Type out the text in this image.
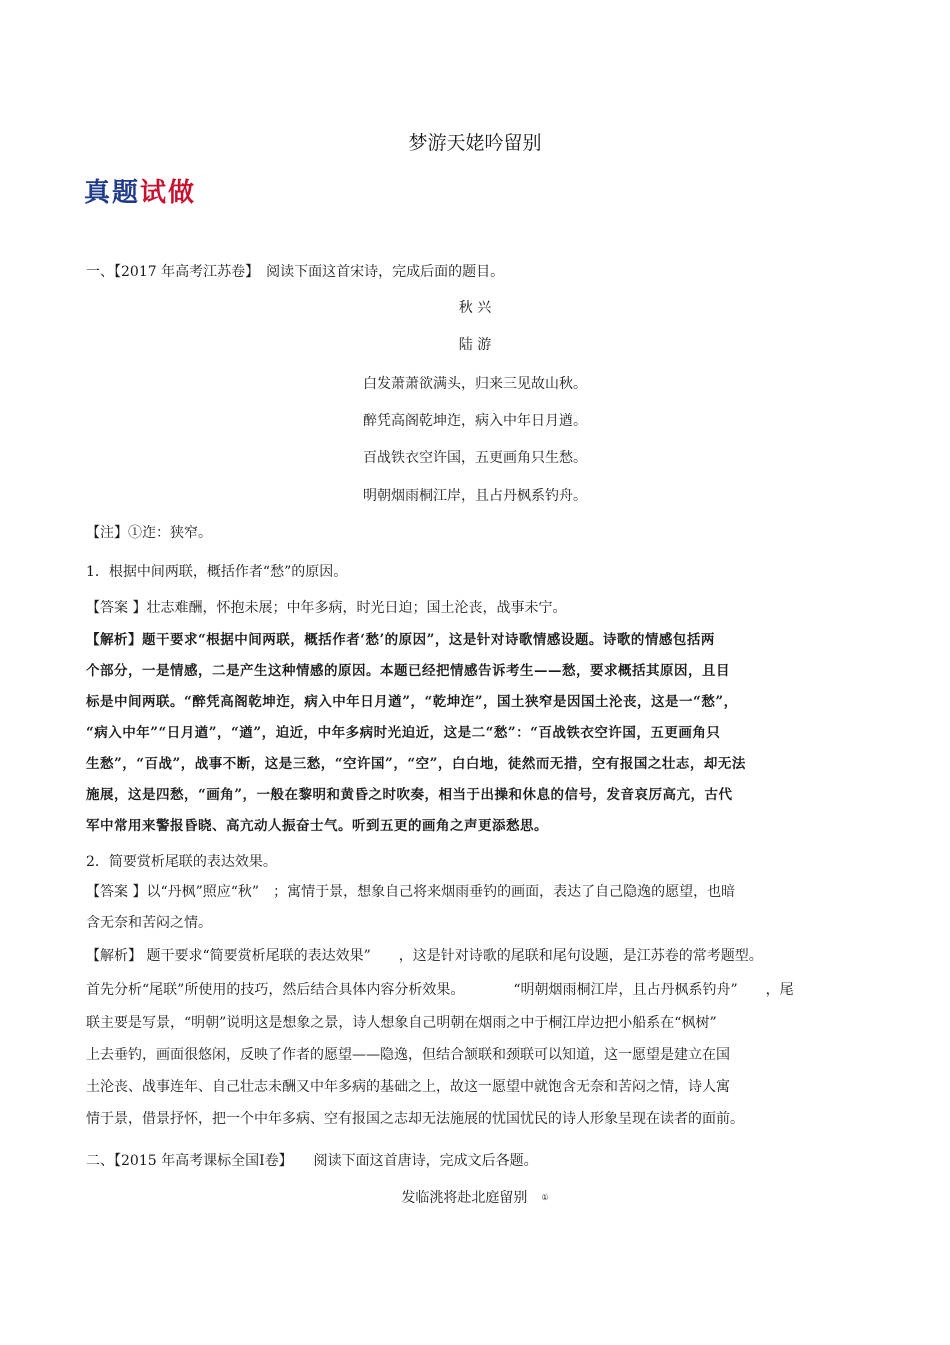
梦游天姥吟留别
真题试做
一、【2017 年高考江苏卷】　阅读下面这首宋诗，完成后面的题目。
秋 兴
陆 游
白发萧萧欲满头，归来三见故山秋。
醉凭高阁乾坤迮，病入中年日月遒。
百战铁衣空许国，五更画角只生愁。
明朝烟雨桐江岸，且占丹枫系钓舟。
【注】①迮：狭窄。
1．根据中间两联，概括作者“愁”的原因。
【答案 】壮志难酬，怀抱未展；中年多病，时光日迫；国土沦丧，战事未宁。
【解析】题干要求“根据中间两联，概括作者‘愁’的原因”，这是针对诗歌情感设题。诗歌的情感包括两
个部分，一是情感，二是产生这种情感的原因。本题已经把情感告诉考生——愁，要求概括其原因，且目
标是中间两联。“醉凭高阁乾坤迮，病入中年日月遒”，“乾坤迮”，国土狭窄是因国土沦丧，这是一“愁”，
“病入中年”“日月遒”，“遒”，迫近，中年多病时光迫近，这是二“愁”：“百战铁衣空许国，五更画角只
生愁”，“百战”，战事不断，这是三愁，“空许国”，“空”，白白地，徒然而无措，空有报国之壮志，却无法
施展，这是四愁，“画角”，一般在黎明和黄昏之时吹奏，相当于出操和休息的信号，发音哀厉高亢，古代
军中常用来警报昏晓、高亢动人振奋士气。听到五更的画角之声更添愁思。
2．简要赏析尾联的表达效果。
【答案 】以“丹枫”照应“秋”　；寓情于景，想象自己将来烟雨垂钓的画面，表达了自己隐逸的愿望，也暗
含无奈和苦闷之情。
【解析】 题干要求“简要赏析尾联的表达效果”　　，这是针对诗歌的尾联和尾句设题，是江苏卷的常考题型。
首先分析“尾联”所使用的技巧，然后结合具体内容分析效果。　　　　“明朝烟雨桐江岸，且占丹枫系钓舟”　　，尾
联主要是写景，“明朝”说明这是想象之景，诗人想象自己明朝在烟雨之中于桐江岸边把小船系在“枫树”
上去垂钓，画面很悠闲，反映了作者的愿望——隐逸，但结合颔联和颈联可以知道，这一愿望是建立在国
土沦丧、战事连年、自己壮志未酬又中年多病的基础之上，故这一愿望中就饱含无奈和苦闷之情，诗人寓
情于景，借景抒怀，把一个中年多病、空有报国之志却无法施展的忧国忧民的诗人形象呈现在读者的面前。
二、【2015 年高考课标全国Ⅰ卷】　　阅读下面这首唐诗，完成文后各题。
发临洮将赴北庭留别 ①
